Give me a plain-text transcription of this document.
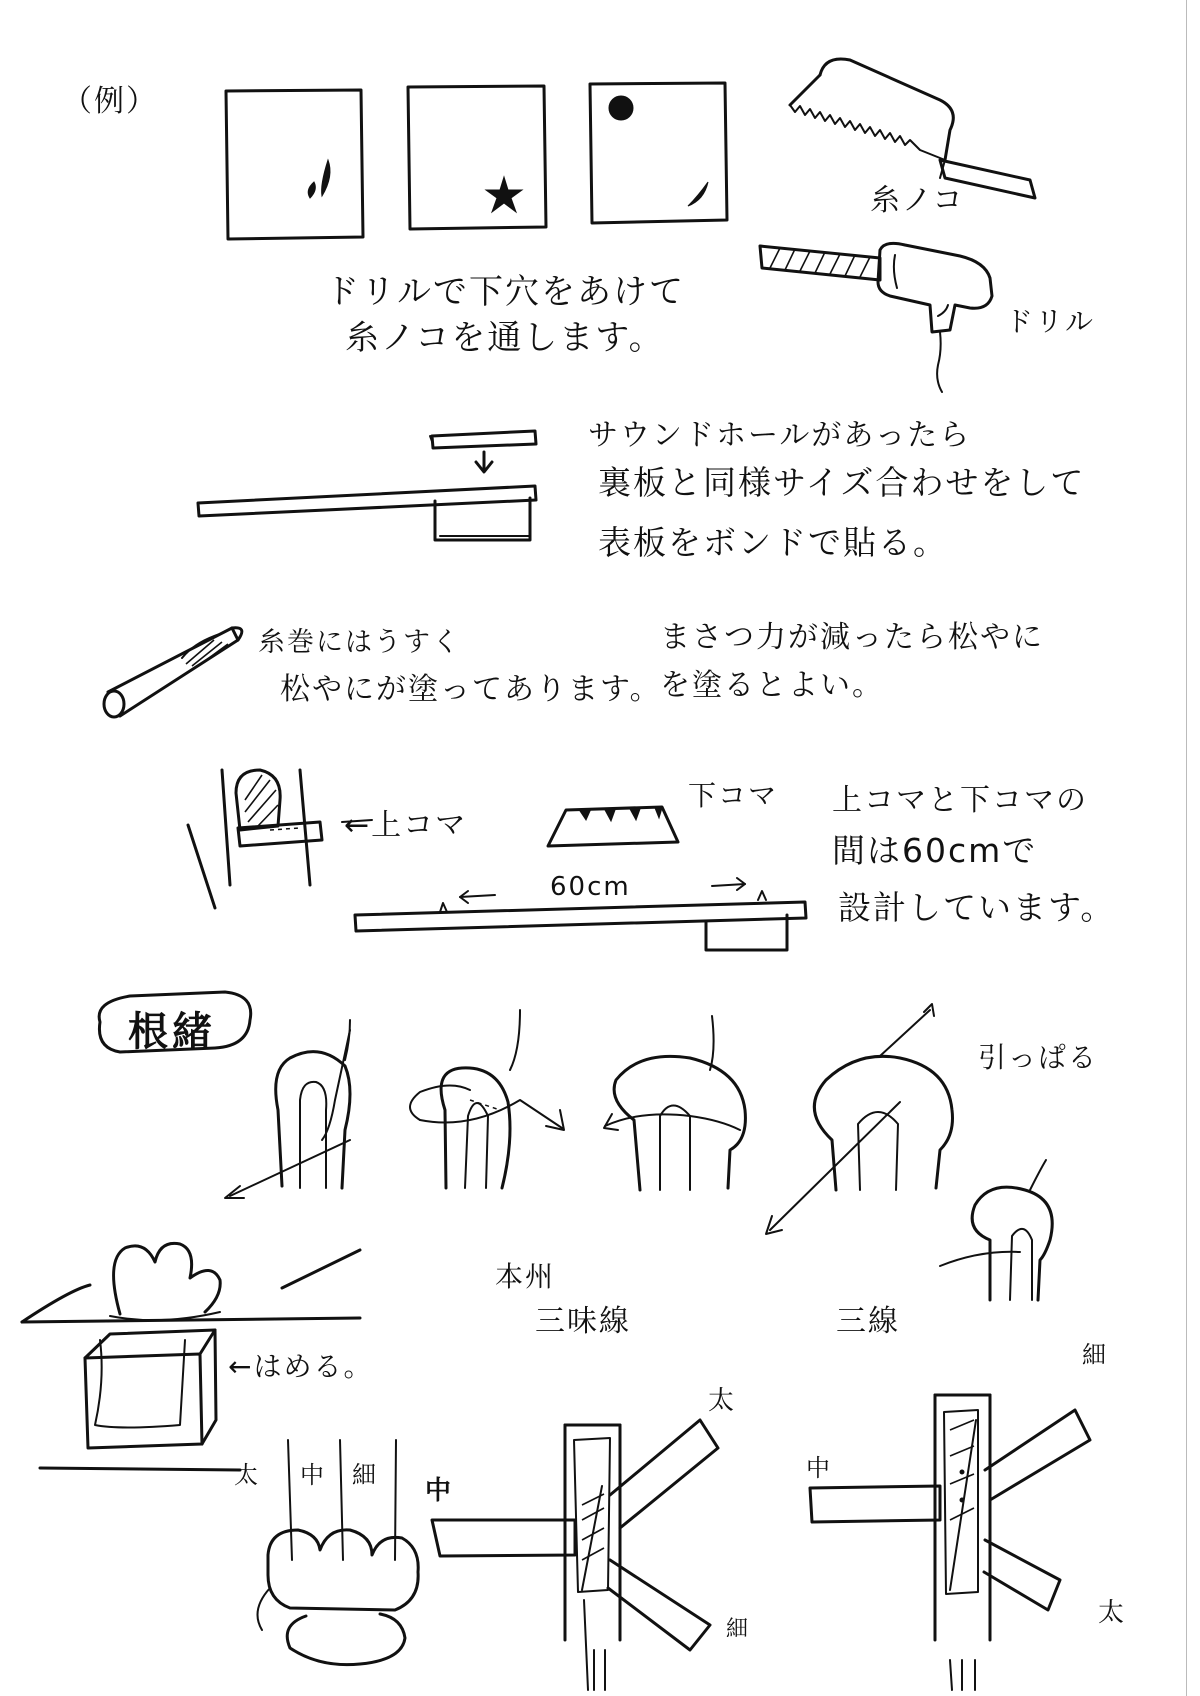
（例）
ドリルで下穴をあけて
糸ノコを通します。
糸ノコ
ドリル
サウンドホールがあったら
裏板と同様サイズ合わせをして
表板をボンドで貼る。
糸巻にはうすく
松やにが塗ってあります。
まさつ力が減ったら松やに
を塗るとよい。
←上コマ
下コマ
60cm
上コマと下コマの
間は60cmで
設計しています。
根緒
引っぱる
←はめる。
太 中 細
本州
三味線
太
中
細
三線
細
中
太
